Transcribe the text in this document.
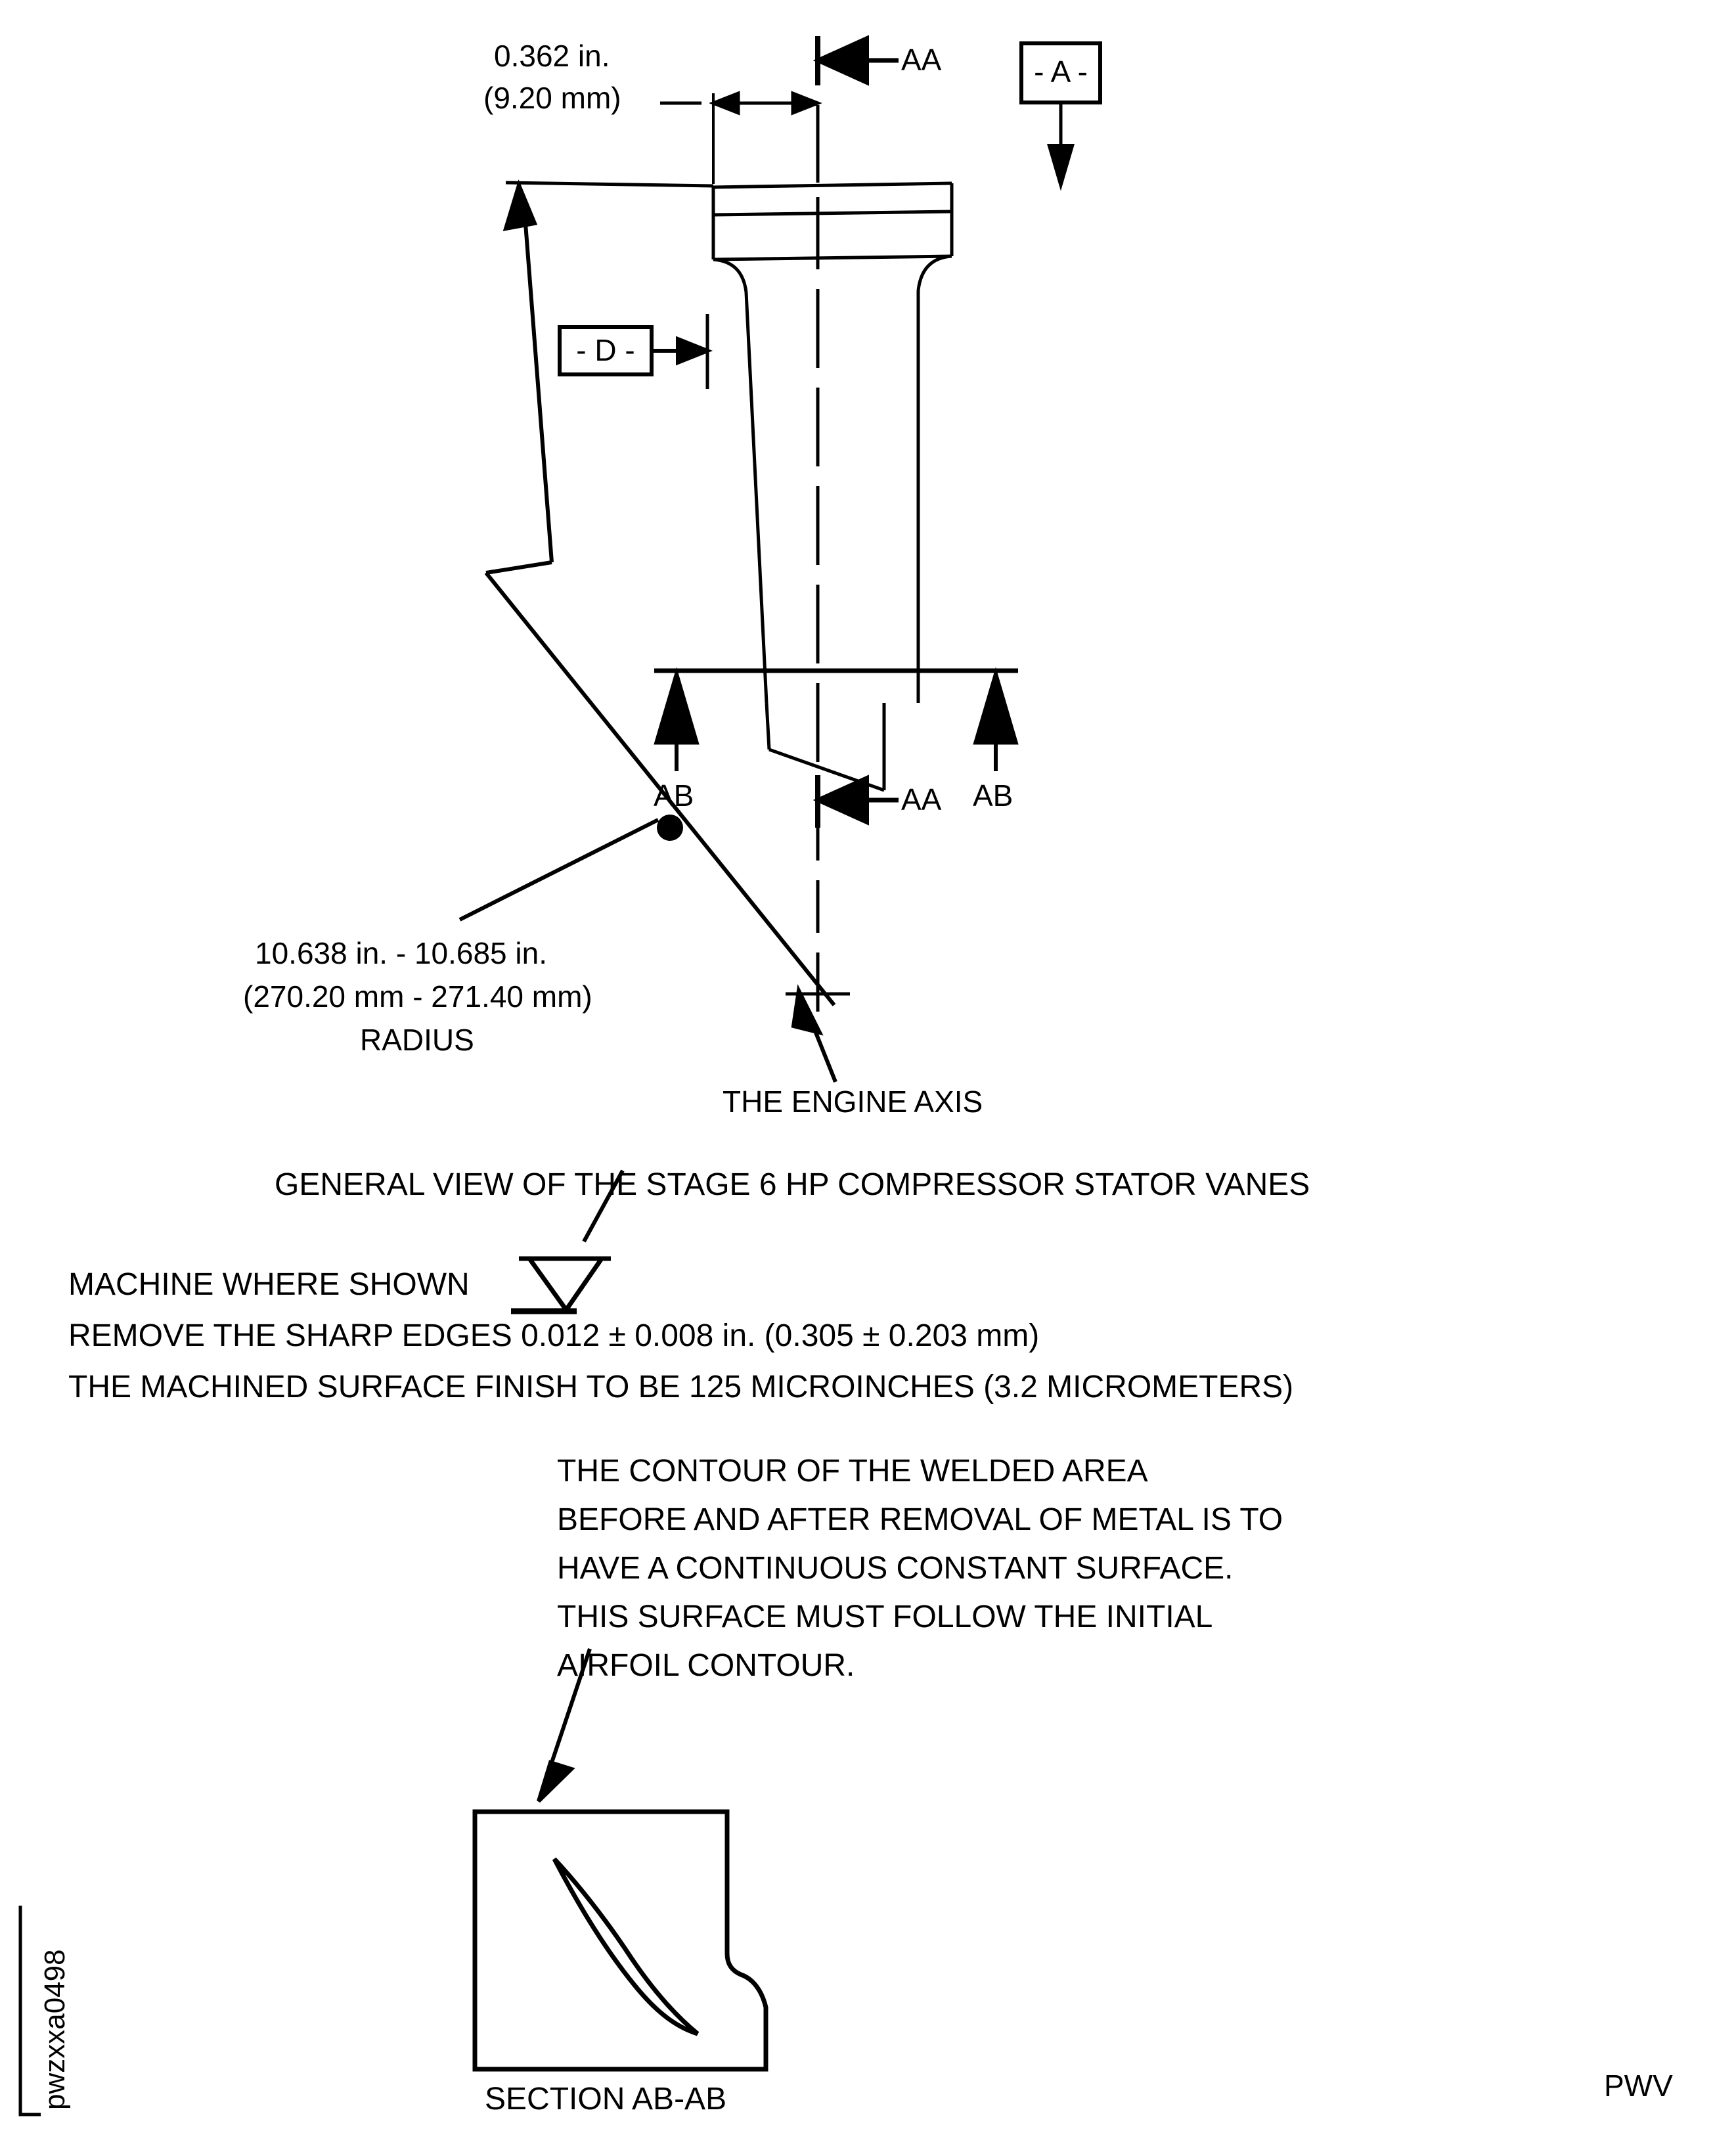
0.362 in.
(9.20 mm)
AA	- A -
- D -
AB	AB
AA
10.638 in. - 10.685 in.
(270.20 mm - 271.40 mm)
RADIUS
THE ENGINE AXIS
GENERAL VIEW OF THE STAGE 6 HP COMPRESSOR STATOR VANES
MACHINE WHERE SHOWN
REMOVE THE SHARP EDGES 0.012 ± 0.008 in. (0.305 ± 0.203 mm)
THE MACHINED SURFACE FINISH TO BE 125 MICROINCHES (3.2 MICROMETERS)
THE CONTOUR OF THE WELDED AREA
BEFORE AND AFTER REMOVAL OF METAL IS TO
HAVE A CONTINUOUS CONSTANT SURFACE.
THIS SURFACE MUST FOLLOW THE INITIAL
AIRFOIL CONTOUR.
SECTION AB-AB
pwzxxa0498	PWV
